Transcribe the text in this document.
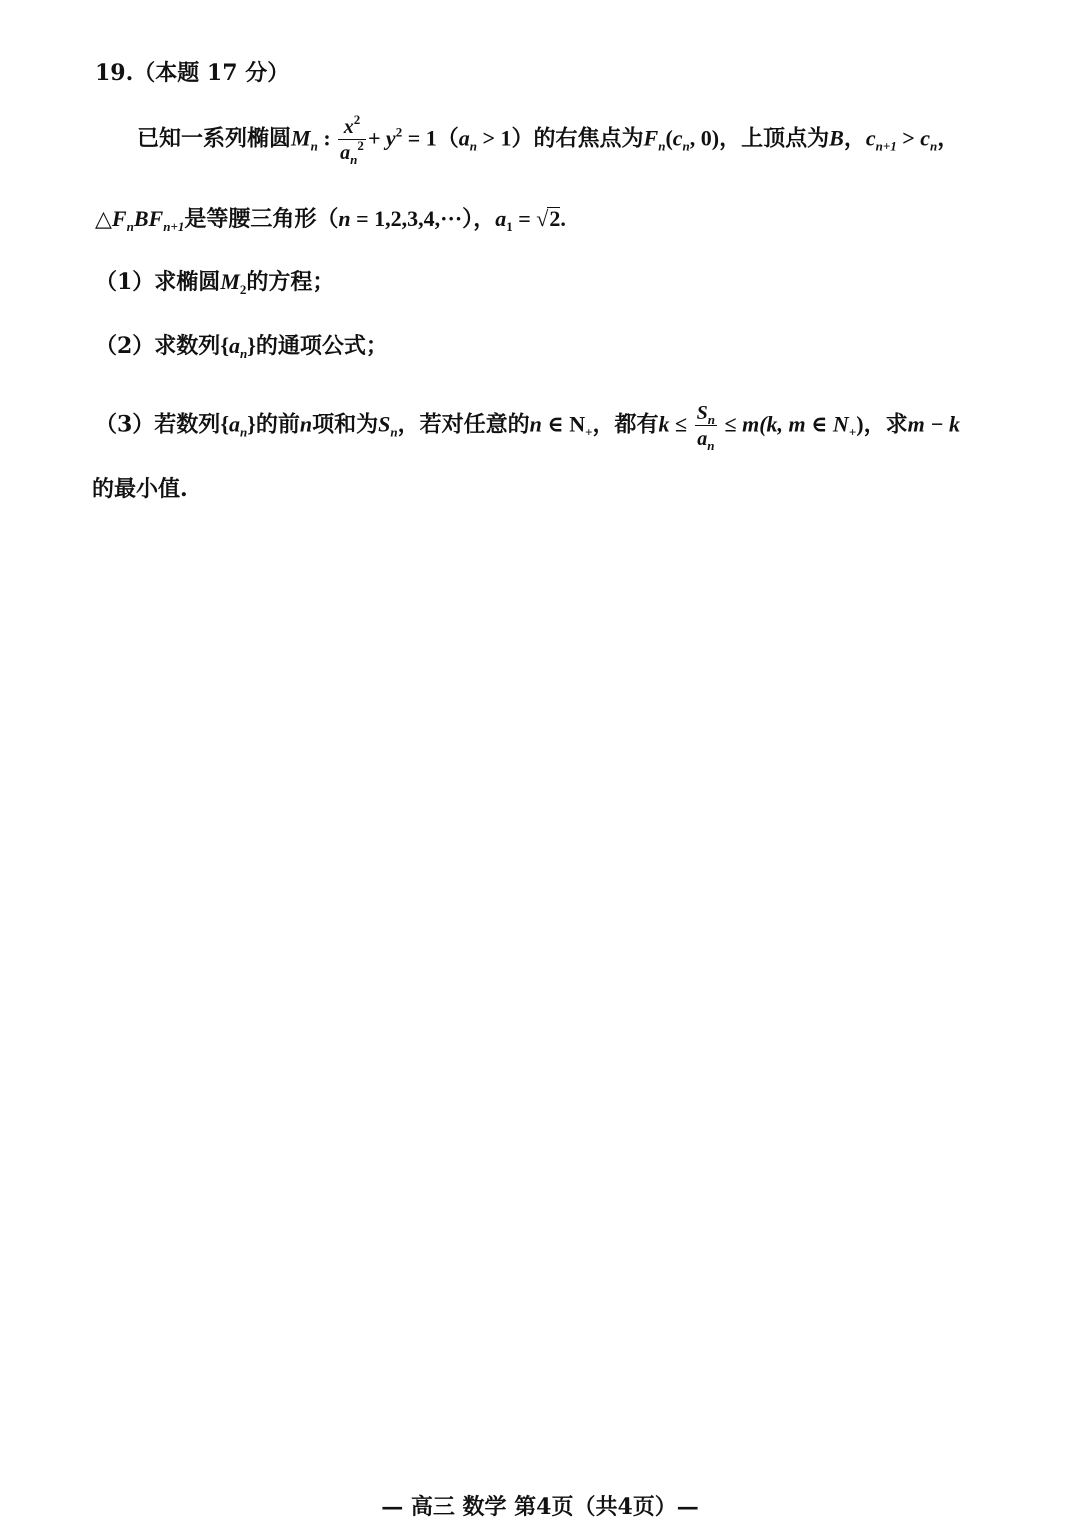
19.（本题 17 分）
已知一系列椭圆$M_n$ : $\frac{x^2}{a_n^2} + y^2 = 1(a_n > 1)$的右焦点为$F_n(c_n$, 0)，上顶点为B，$c_{n+1} > c_n$，
$\triangle F_nBF_{n+1}$是等腰三角形（n = 1,2,3,4,···），$a_1 = √2$.
（1）求椭圆$M_2$的方程；
（2）求数列$\{a_n\}$的通项公式；
（3）若数列$\{a_n\}$的前n项和为$S_n$，若对任意的n ∈ $N_+$，都有$k \le \frac{S_n}{a_n} \le m(k$, m ∈ $N_+$)，求m − k
的最小值.
— 高三 数学 第4页（共4页）—
